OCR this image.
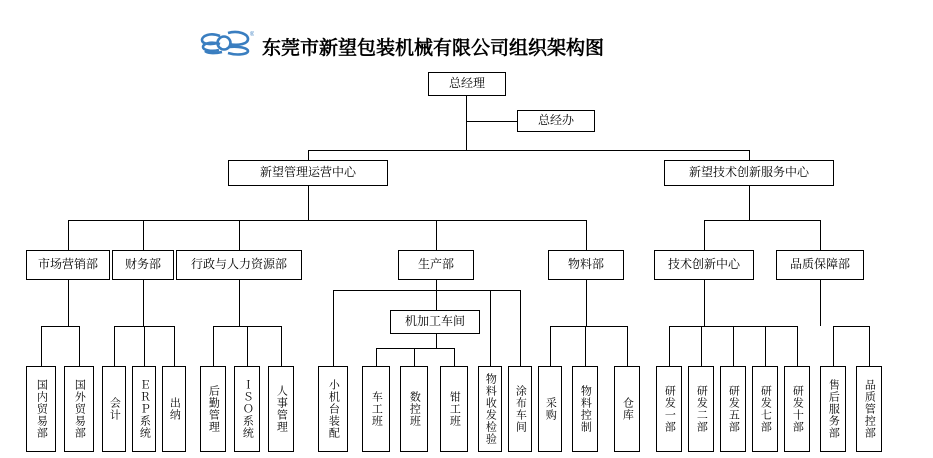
®
东莞市新望包装机械有限公司组织架构图
总经理
总经办
新望管理运营中心	新望技术创新服务中心
市场营销部	财务部	行政与人力资源部	生产部	物料部	技术创新中心	品质保障部
机加工车间
国内贸易部	国外贸易部	会计	ＥＲＰ系统	出纳	后勤管理	ＩＳＯ系统	人事管理	小机台装配	车工班	数控班	钳工班	物料收发检验	涂布车间	采购	物料控制	仓库	研发一部	研发二部	研发五部	研发七部	研发十部	售后服务部	品质管控部
